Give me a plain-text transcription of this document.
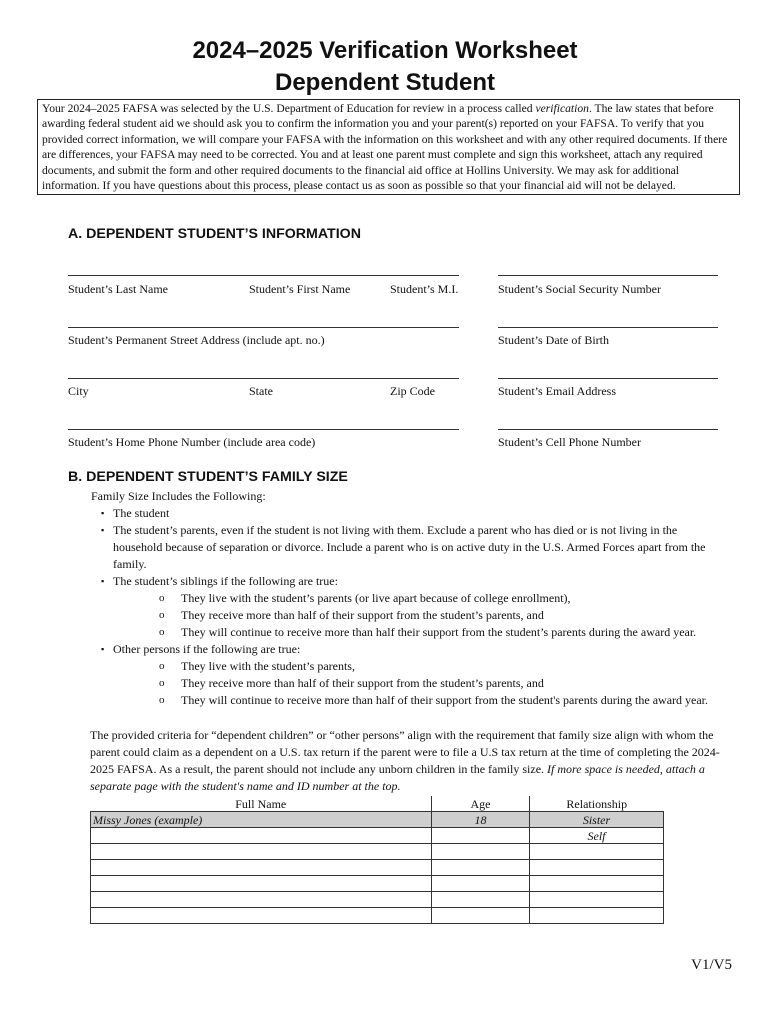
2024–2025 Verification Worksheet
Dependent Student
Your 2024–2025 FAFSA was selected by the U.S. Department of Education for review in a process called verification. The law states that before awarding federal student aid we should ask you to confirm the information you and your parent(s) reported on your FAFSA. To verify that you provided correct information, we will compare your FAFSA with the information on this worksheet and with any other required documents. If there are differences, your FAFSA may need to be corrected. You and at least one parent must complete and sign this worksheet, attach any required documents, and submit the form and other required documents to the financial aid office at Hollins University. We may ask for additional information. If you have questions about this process, please contact us as soon as possible so that your financial aid will not be delayed.
A. DEPENDENT STUDENT’S INFORMATION
Student’s Last Name	Student’s First Name	Student’s M.I.	Student’s Social Security Number
Student’s Permanent Street Address (include apt. no.)	Student’s Date of Birth
City	State	Zip Code	Student’s Email Address
Student’s Home Phone Number (include area code)	Student’s Cell Phone Number
B. DEPENDENT STUDENT’S FAMILY SIZE
Family Size Includes the Following:
▪ The student
▪ The student’s parents, even if the student is not living with them. Exclude a parent who has died or is not living in the household because of separation or divorce. Include a parent who is on active duty in the U.S. Armed Forces apart from the family.
▪ The student’s siblings if the following are true:
o They live with the student’s parents (or live apart because of college enrollment),
o They receive more than half of their support from the student’s parents, and
o They will continue to receive more than half their support from the student’s parents during the award year.
▪ Other persons if the following are true:
o They live with the student’s parents,
o They receive more than half of their support from the student’s parents, and
o They will continue to receive more than half of their support from the student's parents during the award year.
The provided criteria for “dependent children” or “other persons” align with the requirement that family size align with whom the parent could claim as a dependent on a U.S. tax return if the parent were to file a U.S tax return at the time of completing the 2024-2025 FAFSA. As a result, the parent should not include any unborn children in the family size. If more space is needed, attach a separate page with the student's name and ID number at the top.
Full Name	Age	Relationship
Missy Jones (example)	18	Sister
		Self

V1/V5
